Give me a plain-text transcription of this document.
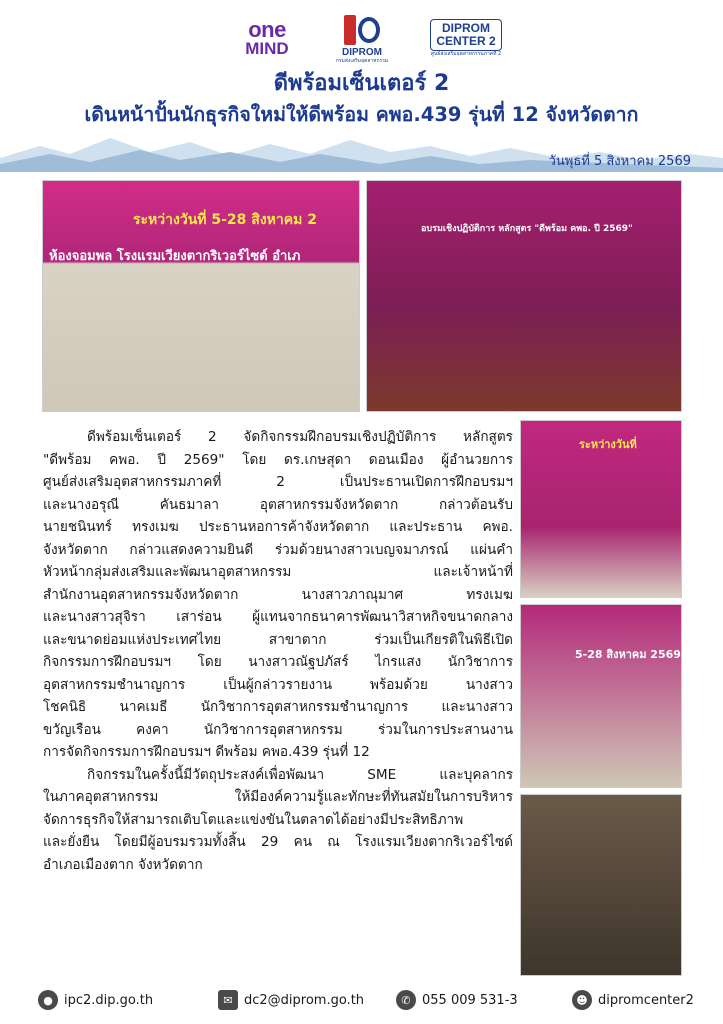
one
MIND	DIPROM
กรมส่งเสริมอุตสาหกรรม
DIPROM
CENTER 2
ศูนย์ส่งเสริมอุตสาหกรรมภาคที่ 2
ดีพร้อมเซ็นเตอร์ 2
เดินหน้าปั้นนักธุรกิจใหม่ให้ดีพร้อม คพอ.439 รุ่นที่ 12 จังหวัดตาก
วันพุธที่ 5 สิงหาคม 2569
ระหว่างวันที่ 5-28 สิงหาคม 2
ห้องจอมพล โรงแรมเวียงตากริเวอร์ไซด์ อำเภ
อบรมเชิงปฏิบัติการ หลักสูตร "ดีพร้อม คพอ. ปี 2569"
ระหว่างวันที่
5-28 สิงหาคม 2569

ดีพร้อมเซ็นเตอร์ 2 จัดกิจกรรมฝึกอบรมเชิงปฏิบัติการ หลักสูตร

"ดีพร้อม คพอ. ปี 2569" โดย ดร.เกษสุดา ดอนเมือง ผู้อำนวยการ

ศูนย์ส่งเสริมอุตสาหกรรมภาคที่ 2 เป็นประธานเปิดการฝึกอบรมฯ

และนางอรุณี คันธมาลา อุตสาหกรรมจังหวัดตาก กล่าวต้อนรับ

นายชนินทร์ ทรงเมฆ ประธานหอการค้าจังหวัดตาก และประธาน คพอ.

จังหวัดตาก กล่าวแสดงความยินดี ร่วมด้วยนางสาวเบญจมาภรณ์ แผ่นคำ

หัวหน้ากลุ่มส่งเสริมและพัฒนาอุตสาหกรรม และเจ้าหน้าที่

สำนักงานอุตสาหกรรมจังหวัดตาก นางสาวภาณุมาศ ทรงเมฆ

และนางสาวสุจิรา เสาร่อน ผู้แทนจากธนาคารพัฒนาวิสาหกิจขนาดกลาง

และขนาดย่อมแห่งประเทศไทย สาขาตาก ร่วมเป็นเกียรติในพิธีเปิด

กิจกรรมการฝึกอบรมฯ โดย นางสาวณัฐปภัสร์ ไกรแสง นักวิชาการ

อุตสาหกรรมชำนาญการ เป็นผู้กล่าวรายงาน พร้อมด้วย นางสาว

โชคนิธิ นาคเมธี นักวิชาการอุตสาหกรรมชำนาญการ และนางสาว

ขวัญเรือน คงคา นักวิชาการอุตสาหกรรม ร่วมในการประสานงาน

การจัดกิจกรรมการฝึกอบรมฯ ดีพร้อม คพอ.439 รุ่นที่ 12

กิจกรรมในครั้งนี้มีวัตถุประสงค์เพื่อพัฒนา SME และบุคลากร

ในภาคอุตสาหกรรม ให้มีองค์ความรู้และทักษะที่ทันสมัยในการบริหาร

จัดการธุรกิจให้สามารถเติบโตและแข่งขันในตลาดได้อย่างมีประสิทธิภาพ

และยั่งยืน โดยมีผู้อบรมรวมทั้งสิ้น 29 คน ณ โรงแรมเวียงตากริเวอร์ไซด์

อำเภอเมืองตาก จังหวัดตาก

● ipc2.dip.go.th	✉ dc2@diprom.go.th	✆ 055 009 531-3	☻ dipromcenter2
